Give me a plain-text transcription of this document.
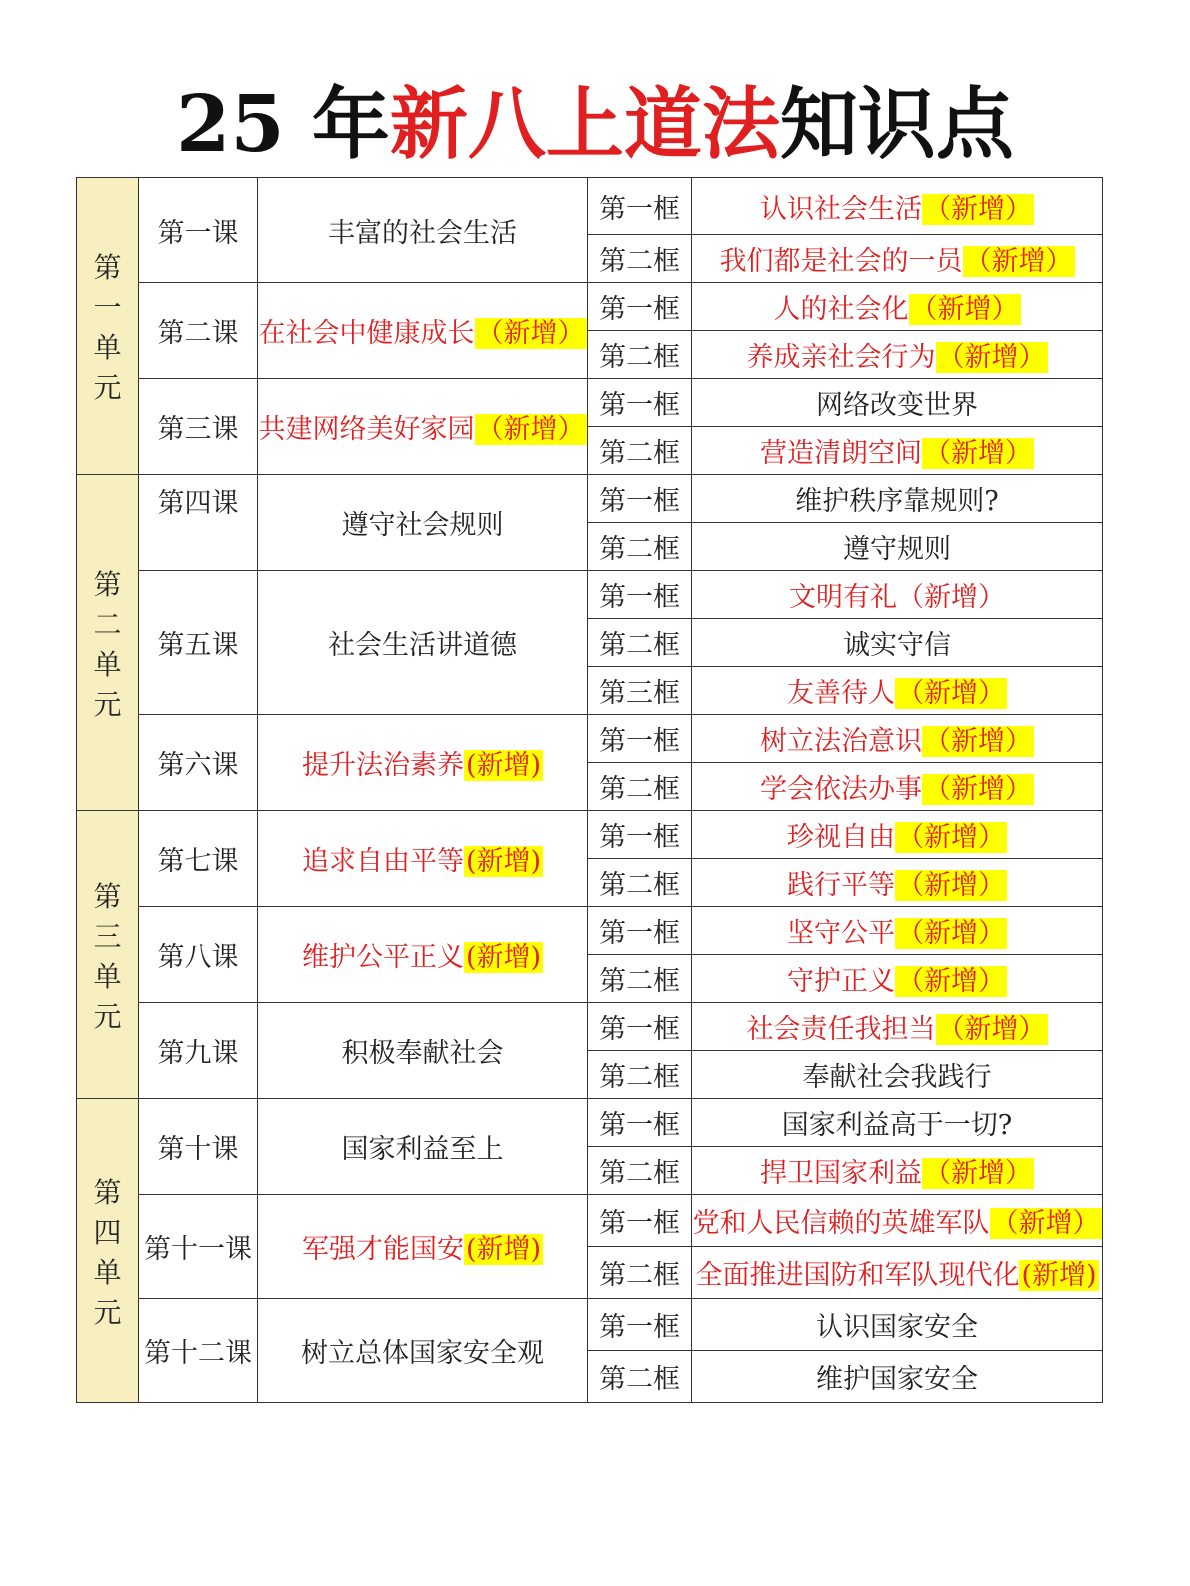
25 年新八上道法知识点
第
一
单
元	第一课	丰富的社会生活	第一框	认识社会生活（新增）
			第二框	我们都是社会的一员（新增）
	第二课	在社会中健康成长（新增）	第一框	人的社会化（新增）
			第二框	养成亲社会行为（新增）
	第三课	共建网络美好家园（新增）	第一框	网络改变世界
			第二框	营造清朗空间（新增）

第
二
单
元	第四课	遵守社会规则	第一框	维护秩序靠规则?
			第二框	遵守规则
	第五课	社会生活讲道德	第一框	文明有礼（新增）
			第二框	诚实守信
			第三框	友善待人（新增）
	第六课	提升法治素养(新增)	第一框	树立法治意识（新增）
			第二框	学会依法办事（新增）

第
三
单
元	第七课	追求自由平等(新增)	第一框	珍视自由（新增）
			第二框	践行平等（新增）
	第八课	维护公平正义(新增)	第一框	坚守公平（新增）
			第二框	守护正义（新增）
	第九课	积极奉献社会	第一框	社会责任我担当（新增）
			第二框	奉献社会我践行

第
四
单
元	第十课	国家利益至上	第一框	国家利益高于一切?
			第二框	捍卫国家利益（新增）
	第十一课	军强才能国安(新增)	第一框	党和人民信赖的英雄军队（新增）
			第二框	全面推进国防和军队现代化(新增)
	第十二课	树立总体国家安全观	第一框	认识国家安全
			第二框	维护国家安全
